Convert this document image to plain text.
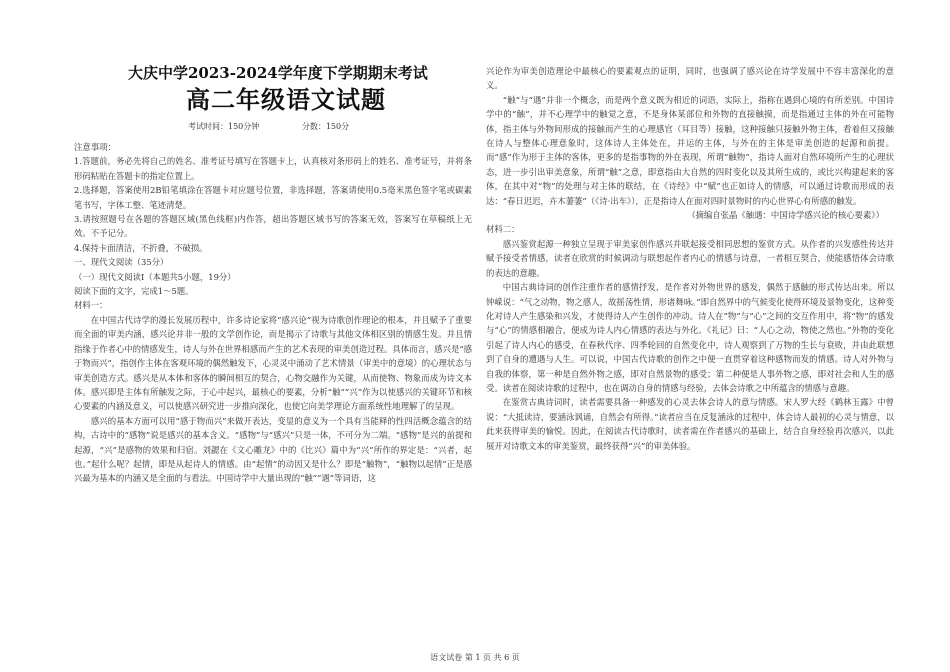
大庆中学2023-2024学年度下学期期末考试
高二年级语文试题
考试时间：150分钟	分数：150分

注意事项：

1.答题前，务必先将自己的姓名、准考证号填写在答题卡上，认真核对条形码上的姓名、准考证号，并将条形码粘贴在答题卡的指定位置上。

2.选择题，答案使用2B铅笔填涂在答题卡对应题号位置，非选择题，答案请使用0.5毫米黑色签字笔或碳素笔书写，字体工整、笔迹清楚。

3.请按照题号在各题的答题区域(黑色线框)内作答，超出答题区域书写的答案无效，答案写在草稿纸上无效。不予记分。

4.保持卡面清洁，不折叠，不破损。

一、现代文阅读（35分）

（一）现代文阅读Ⅰ（本题共5小题，19分）

阅读下面的文字，完成1～5题。

材料一：

在中国古代诗学的漫长发展历程中，许多诗论家将“感兴论”视为诗歌创作理论的根本，并且赋予了重要而全面的审美内涵，感兴论并非一般的文学创作论，而是揭示了诗歌与其他文体相区别的情感生发。并且情指缘于作者心中的情感发生，诗人与外在世界相感而产生的艺术表现的审美创造过程。具体而言，感兴是“感于物而兴”，指创作主体在客观环境的偶然触发下，心灵灵中涌动了艺术情景（审美中的意境）的心理状态与审美创造方式。感兴是从本体和客体的瞬间相互的契合，心物交融作为关键，从而使物、物象而成为诗文本体。感兴即是主体有所触发之际，于心中起兴，最核心的要素，分析“触”“兴”作为以使感兴的关键环节和核心要素的内涵及意义，可以使感兴研究进一步推向深化，也使它向美学理论方面系统性地理解了的呈现。

感兴的基本方面可以用“感于物而兴”来做开表达，变显的意义为一个具有当能释的性四活概念蕴含的结构，古诗中的“感物”说是感兴的基本含义。“感物”与“感兴”只是一体，不可分为二端。“感物”是兴的前提和起源，“兴”是感物的效果和归宿。刘勰在《文心雕龙》中的《比兴》篇中为“兴”所作的界定是：“兴者，起也。”起什么呢？起情，即是从起诗人的情感。由“起情”的动因又是什么？即是“触物”，“触物以起情”正是感兴最为基本的内涵又是全面的与看法。中国诗学中大量出现的“触”“遇”等词语，这

兴论作为审美创造理论中最核心的要素观点的证明，同时，也强调了感兴论在诗学发展中不容丰富深化的意义。

“触”与“遇”并非一个概念，而是两个意义既为相近的词语，实际上，指称在遇到心境的有所差别。中国诗学中的“触”，并不心理学中的触觉之意，不是身体某部位和外物的直接触摸，而是指通过主体的外在可能物体，指主体与外物间形成的接触而产生的心理感官（耳目等）接触，这种接触只接触外物主体，看着但又接触在诗人与整体心理意象时，这体诗人主体处在，并运的主体，与外在的主体是审美创造的起源和前提。而“感”作为形于主体的客体，更多的是指事物的外在表现，所谓“触物”，指诗人面对自然环境所产生的心理状态，进一步引出审美意象，所谓“触”之意，即意指由大自然的四时变化以及其所生成的，或比兴构建起来的客体，在其中对“物”的处理与对主体的联结，在《诗经》中“赋”也正如诗人的情感，可以通过诗歌而形成的表达：“春日迟迟，卉木萋萋”（《诗·出车》），正是指诗人在面对四时景物时的内心世界心有所感的触发。

（摘编自张晶《触遇：中国诗学感兴论的核心要素》）

材料二：

感兴鉴赏起源一种独立呈现于审美家创作感兴并联起接受相同思想的鉴赏方式。从作者的兴发感性传达并赋予接受者情感，读者在欣赏的时候调动与联想起作者内心的情感与诗意，一者相互契合，使能感悟体会诗歌的表达的意趣。

中国古典诗词的创作注重作者的感情抒发，是作者对外物世界的感发，偶然于感触的形式传达出来。所以钟嵘说：“气之动物，物之感人，故摇荡性情，形诸舞咏。”即自然界中的气候变化使得环境及景物变化，这种变化对诗人产生感染和兴发，才使得诗人产生创作的冲动。诗人在“物”与“心”之间的交互作用中，将“物”的感发与“心”的情感相融合，便成为诗人内心情感的表达与外化。《礼记》曰：“人心之动，物使之然也。”外物的变化引起了诗人内心的感受，在春秋代序、四季轮回的自然变化中，诗人观察到了万物的生长与衰败，并由此联想到了自身的遭遇与人生。可以说，中国古代诗歌的创作之中便一直贯穿着这种感物而发的情感。诗人对外物与自我的体察，第一种是自然外物之感，即对自然景物的感受；第二种便是人事外物之感，即对社会和人生的感受。读者在阅读诗歌的过程中，也在调动自身的情感与经验，去体会诗歌之中所蕴含的情感与意趣。

在鉴赏古典诗词时，读者需要具备一种感发的心灵去体会诗人的意与情感。宋人罗大经《鹤林玉露》中曾说：“大抵读诗，要涵泳讽诵，自然会有所得。”读者应当在反复涵泳的过程中，体会诗人最初的心灵与情意，以此来获得审美的愉悦。因此，在阅读古代诗歌时，读者需在作者感兴的基础上，结合自身经验再次感兴，以此展开对诗歌文本的审美鉴赏，最终获得“兴”的审美体验。

语文试卷 第 1 页 共 6 页
